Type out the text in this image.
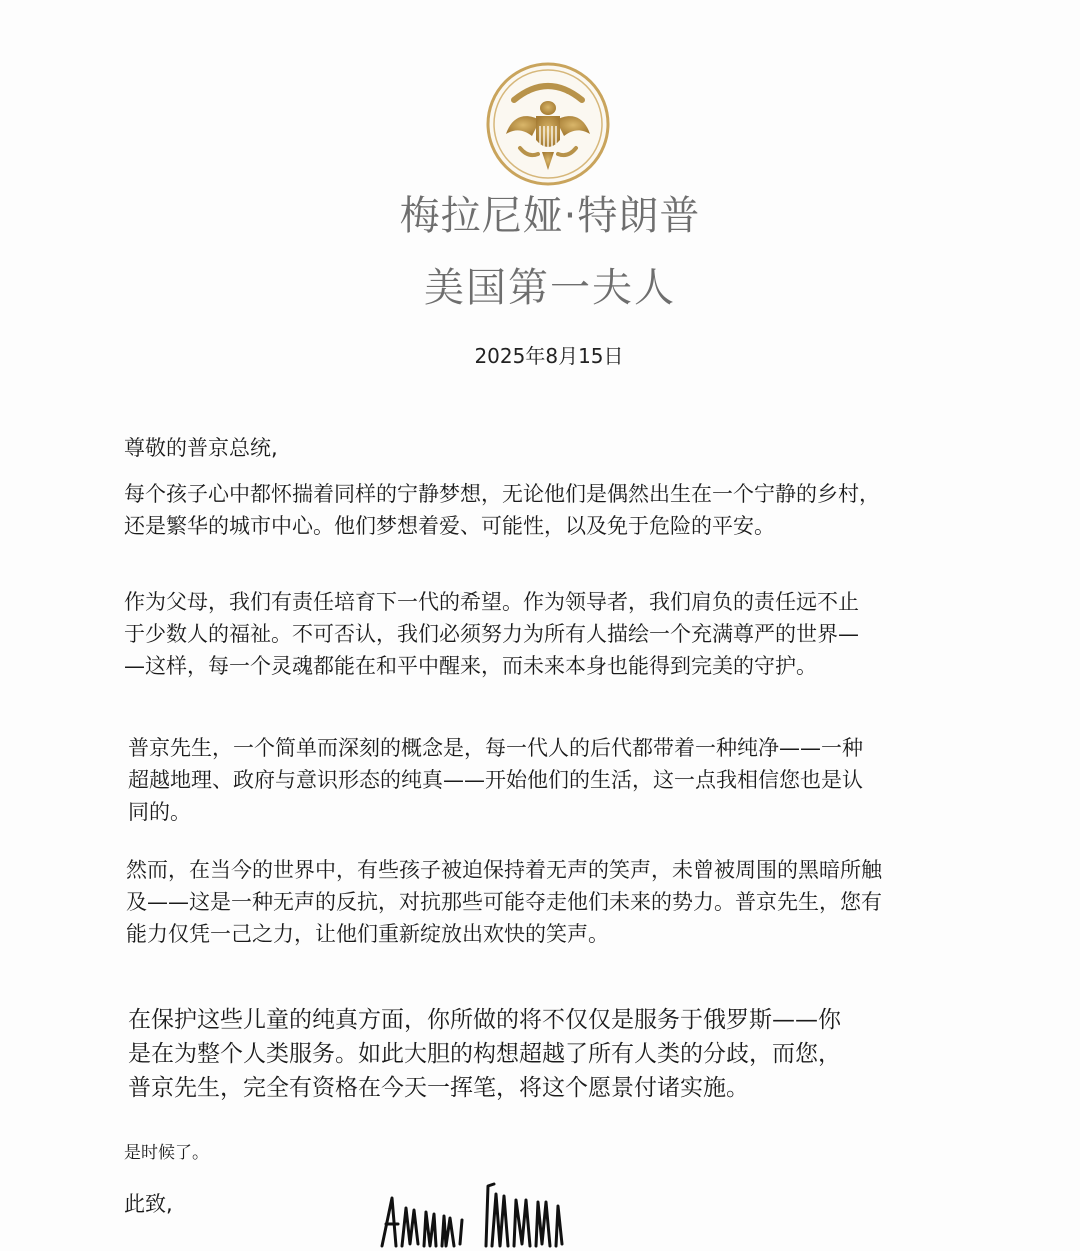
梅拉尼娅·特朗普
美国第一夫人
2025年8月15日
尊敬的普京总统,
每个孩子心中都怀揣着同样的宁静梦想，无论他们是偶然出生在一个宁静的乡村，
还是繁华的城市中心。他们梦想着爱、可能性，以及免于危险的平安。
作为父母，我们有责任培育下一代的希望。作为领导者，我们肩负的责任远不止
于少数人的福祉。不可否认，我们必须努力为所有人描绘一个充满尊严的世界—
—这样，每一个灵魂都能在和平中醒来，而未来本身也能得到完美的守护。
普京先生，一个简单而深刻的概念是，每一代人的后代都带着一种纯净——一种
超越地理、政府与意识形态的纯真——开始他们的生活，这一点我相信您也是认
同的。
然而，在当今的世界中，有些孩子被迫保持着无声的笑声，未曾被周围的黑暗所触
及——这是一种无声的反抗，对抗那些可能夺走他们未来的势力。普京先生，您有
能力仅凭一己之力，让他们重新绽放出欢快的笑声。
在保护这些儿童的纯真方面，你所做的将不仅仅是服务于俄罗斯——你
是在为整个人类服务。如此大胆的构想超越了所有人类的分歧，而您，
普京先生，完全有资格在今天一挥笔，将这个愿景付诸实施。
是时候了。
此致,
